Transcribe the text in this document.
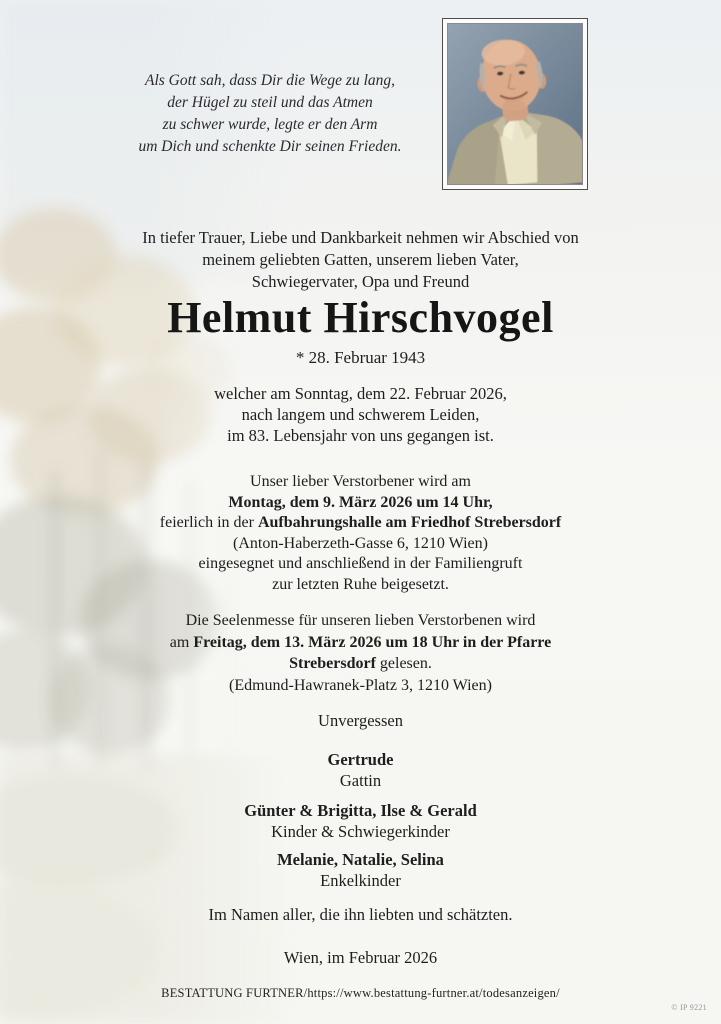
Als Gott sah, dass Dir die Wege zu lang,
der Hügel zu steil und das Atmen
zu schwer wurde, legte er den Arm
um Dich und schenkte Dir seinen Frieden.
In tiefer Trauer, Liebe und Dankbarkeit nehmen wir Abschied von
meinem geliebten Gatten, unserem lieben Vater,
Schwiegervater, Opa und Freund
Helmut Hirschvogel
* 28. Februar 1943
welcher am Sonntag, dem 22. Februar 2026,
nach langem und schwerem Leiden,
im 83. Lebensjahr von uns gegangen ist.
Unser lieber Verstorbener wird am
Montag, dem 9. März 2026 um 14 Uhr,
feierlich in der Aufbahrungshalle am Friedhof Strebersdorf
(Anton-Haberzeth-Gasse 6, 1210 Wien)
eingesegnet und anschließend in der Familiengruft
zur letzten Ruhe beigesetzt.
Die Seelenmesse für unseren lieben Verstorbenen wird
am Freitag, dem 13. März 2026 um 18 Uhr in der Pfarre
Strebersdorf gelesen.
(Edmund-Hawranek-Platz 3, 1210 Wien)
Unvergessen
Gertrude
Gattin
Günter & Brigitta, Ilse & Gerald
Kinder & Schwiegerkinder
Melanie, Natalie, Selina
Enkelkinder
Im Namen aller, die ihn liebten und schätzten.
Wien, im Februar 2026
BESTATTUNG FURTNER/https://www.bestattung-furtner.at/todesanzeigen/
© IP 9221
